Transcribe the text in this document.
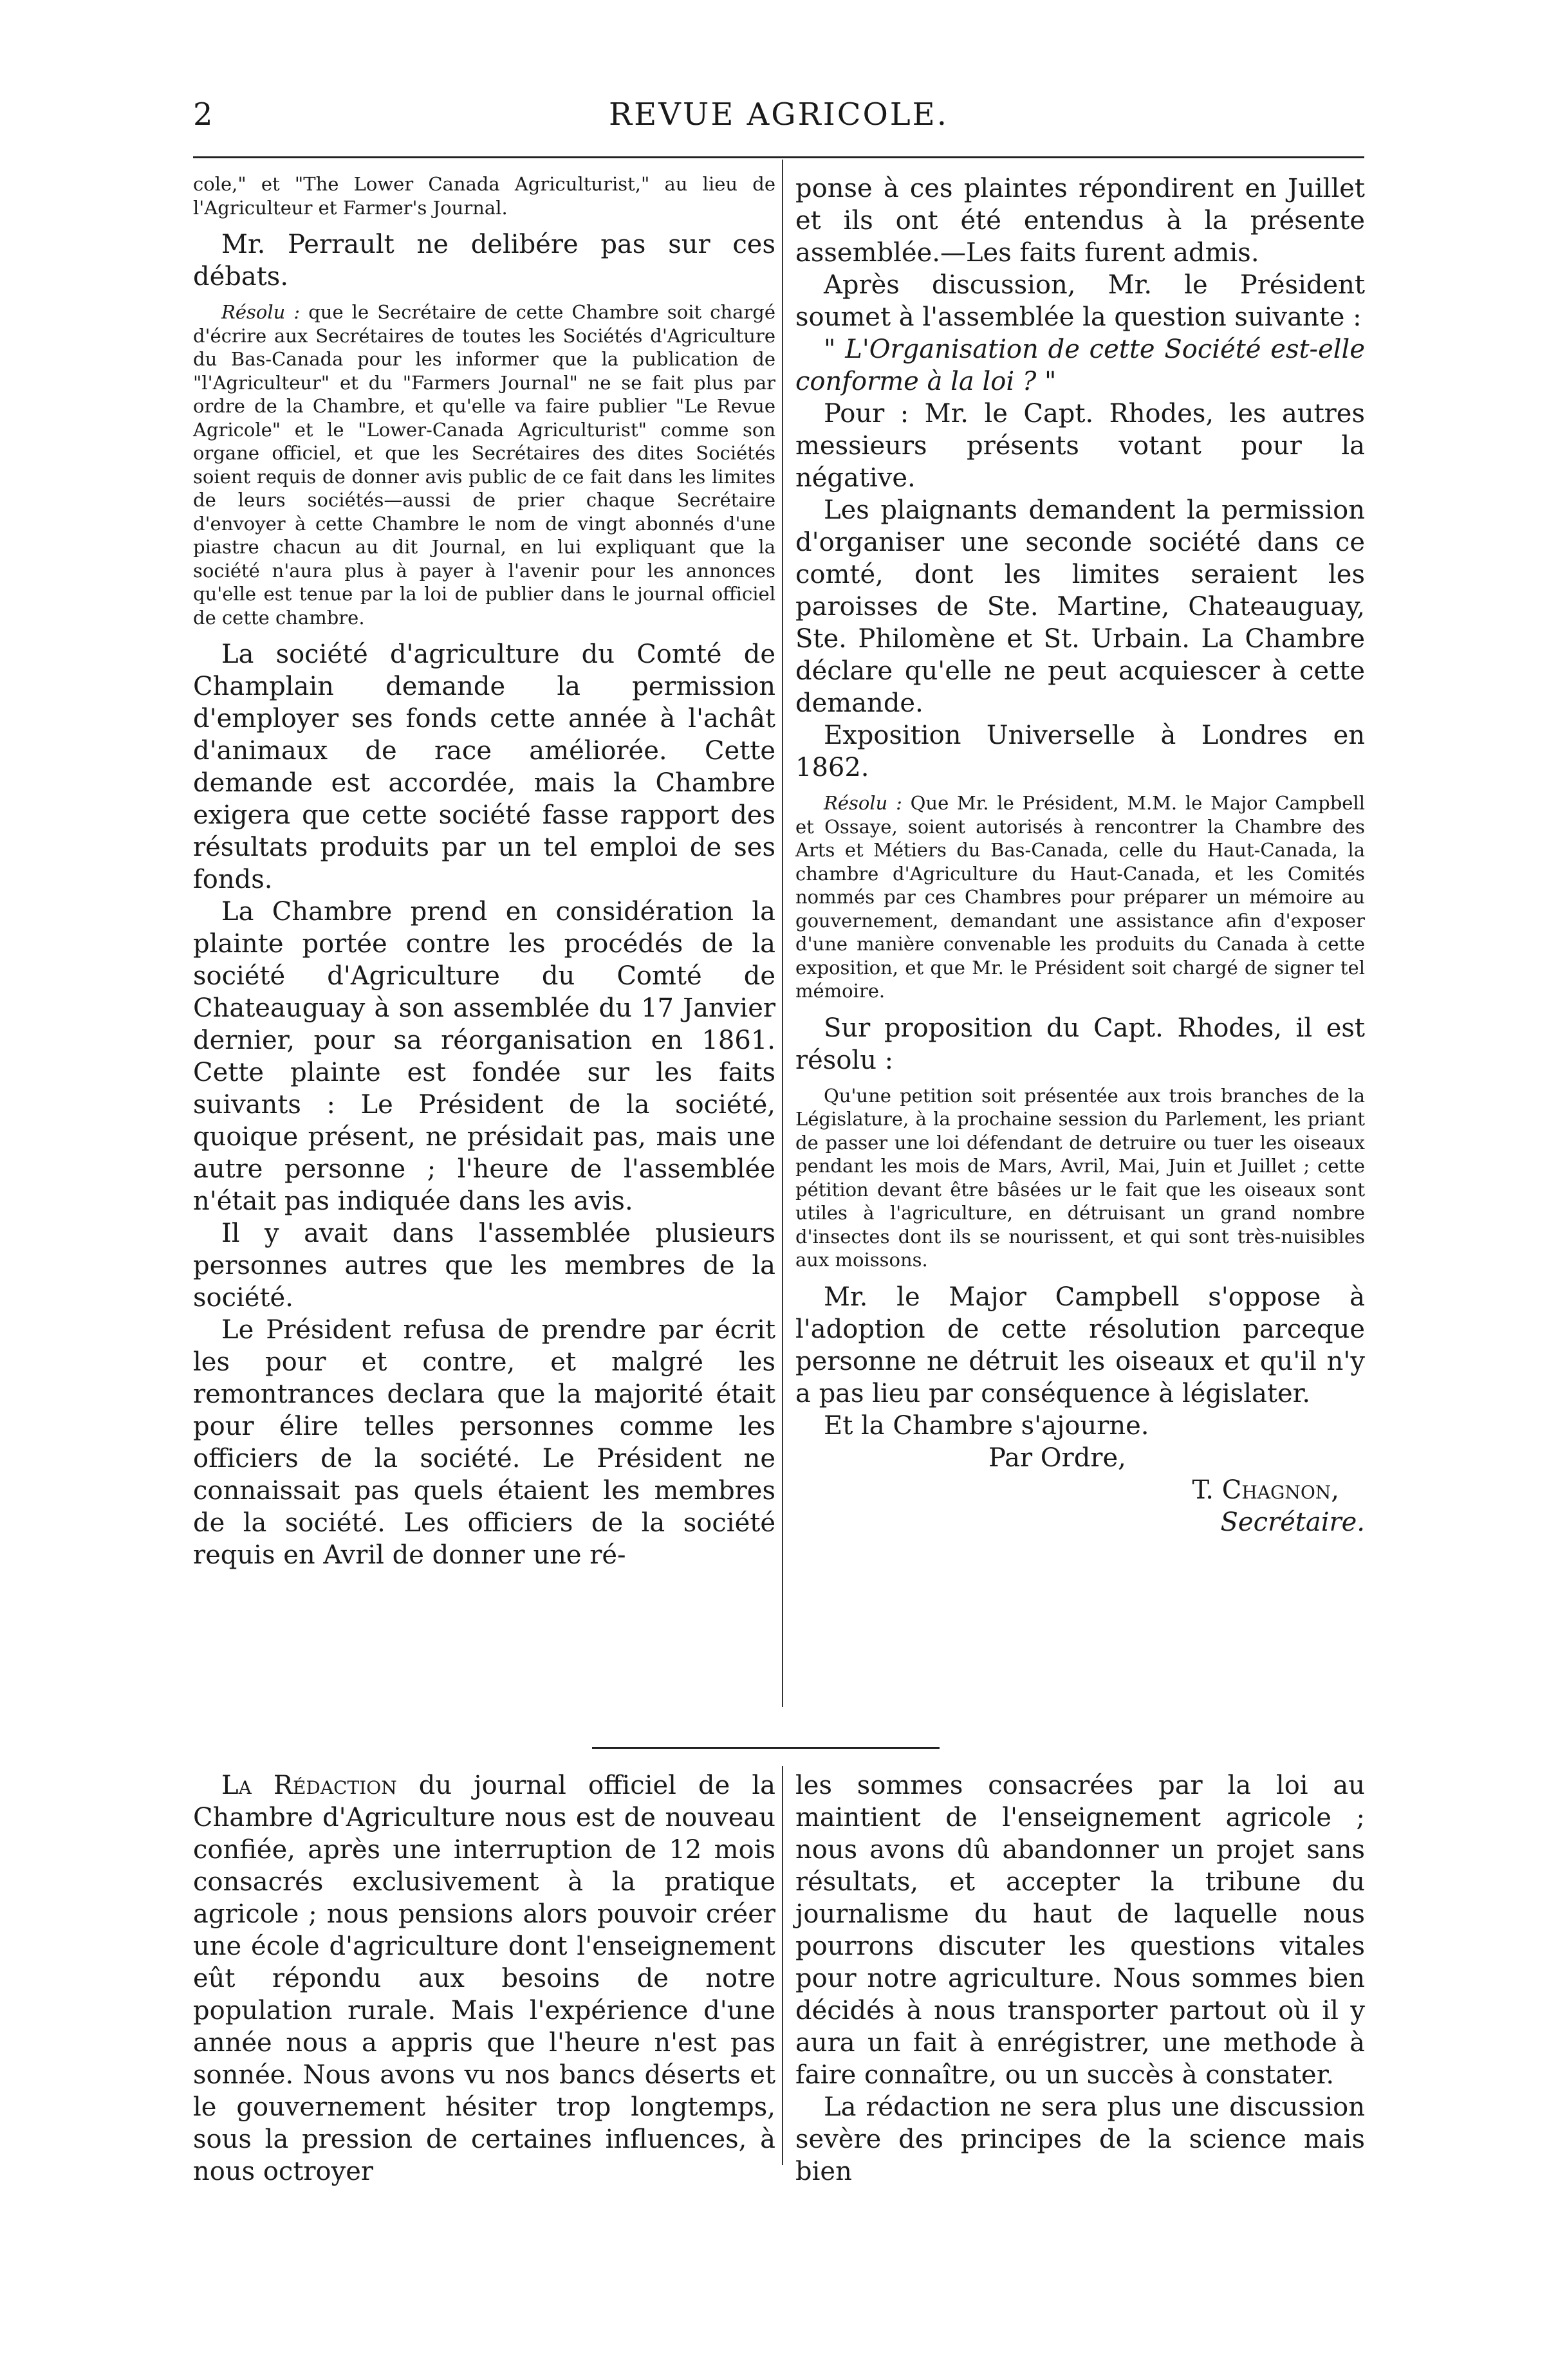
2	REVUE AGRICOLE.

cole," et "The Lower Canada Agriculturist," au lieu de l'Agriculteur et Farmer's Journal.

Mr. Perrault ne delibére pas sur ces débats.

Résolu : que le Secrétaire de cette Chambre soit chargé d'écrire aux Secrétaires de toutes les Sociétés d'Agriculture du Bas-Canada pour les informer que la publication de "l'Agriculteur" et du "Farmers Journal" ne se fait plus par ordre de la Chambre, et qu'elle va faire publier "Le Revue Agricole" et le "Lower-Canada Agriculturist" comme son organe officiel, et que les Secrétaires des dites Sociétés soient requis de donner avis public de ce fait dans les limites de leurs sociétés—aussi de prier chaque Secrétaire d'envoyer à cette Chambre le nom de vingt abonnés d'une piastre chacun au dit Journal, en lui expliquant que la société n'aura plus à payer à l'avenir pour les annonces qu'elle est tenue par la loi de publier dans le journal officiel de cette chambre.

La société d'agriculture du Comté de Champlain demande la permission d'employer ses fonds cette année à l'achât d'animaux de race améliorée. Cette demande est accordée, mais la Chambre exigera que cette société fasse rapport des résultats produits par un tel emploi de ses fonds.

La Chambre prend en considération la plainte portée contre les procédés de la société d'Agriculture du Comté de Chateauguay à son assemblée du 17 Janvier dernier, pour sa réorganisation en 1861. Cette plainte est fondée sur les faits suivants : Le Président de la société, quoique présent, ne présidait pas, mais une autre personne ; l'heure de l'assemblée n'était pas indiquée dans les avis.

Il y avait dans l'assemblée plusieurs personnes autres que les membres de la société.

Le Président refusa de prendre par écrit les pour et contre, et malgré les remontrances declara que la majorité était pour élire telles personnes comme les officiers de la société. Le Président ne connaissait pas quels étaient les membres de la société. Les officiers de la société requis en Avril de donner une ré-

ponse à ces plaintes répondirent en Juillet et ils ont été entendus à la présente assemblée.—Les faits furent admis.

Après discussion, Mr. le Président soumet à l'assemblée la question suivante :

" L'Organisation de cette Société est-elle conforme à la loi ? "

Pour : Mr. le Capt. Rhodes, les autres messieurs présents votant pour la négative.

Les plaignants demandent la permission d'organiser une seconde société dans ce comté, dont les limites seraient les paroisses de Ste. Martine, Chateauguay, Ste. Philomène et St. Urbain. La Chambre déclare qu'elle ne peut acquiescer à cette demande.

Exposition Universelle à Londres en 1862.

Résolu : Que Mr. le Président, M.M. le Major Campbell et Ossaye, soient autorisés à rencontrer la Chambre des Arts et Métiers du Bas-Canada, celle du Haut-Canada, la chambre d'Agriculture du Haut-Canada, et les Comités nommés par ces Chambres pour préparer un mémoire au gouvernement, demandant une assistance afin d'exposer d'une manière convenable les produits du Canada à cette exposition, et que Mr. le Président soit chargé de signer tel mémoire.

Sur proposition du Capt. Rhodes, il est résolu :

Qu'une petition soit présentée aux trois branches de la Législature, à la prochaine session du Parlement, les priant de passer une loi défendant de detruire ou tuer les oiseaux pendant les mois de Mars, Avril, Mai, Juin et Juillet ; cette pétition devant être bâsées ur le fait que les oiseaux sont utiles à l'agriculture, en détruisant un grand nombre d'insectes dont ils se nourissent, et qui sont très-nuisibles aux moissons.

Mr. le Major Campbell s'oppose à l'adoption de cette résolution parceque personne ne détruit les oiseaux et qu'il n'y a pas lieu par conséquence à législater.

Et la Chambre s'ajourne.

Par Ordre,

T. Chagnon,

Secrétaire.

La Rédaction du journal officiel de la Chambre d'Agriculture nous est de nouveau confiée, après une interruption de 12 mois consacrés exclusivement à la pratique agricole ; nous pensions alors pouvoir créer une école d'agriculture dont l'enseignement eût répondu aux besoins de notre population rurale. Mais l'expérience d'une année nous a appris que l'heure n'est pas sonnée. Nous avons vu nos bancs déserts et le gouvernement hésiter trop longtemps, sous la pression de certaines influences, à nous octroyer

les sommes consacrées par la loi au maintient de l'enseignement agricole ; nous avons dû abandonner un projet sans résultats, et accepter la tribune du journalisme du haut de laquelle nous pourrons discuter les questions vitales pour notre agriculture. Nous sommes bien décidés à nous transporter partout où il y aura un fait à enrégistrer, une methode à faire connaître, ou un succès à constater.

La rédaction ne sera plus une discussion sevère des principes de la science mais bien
